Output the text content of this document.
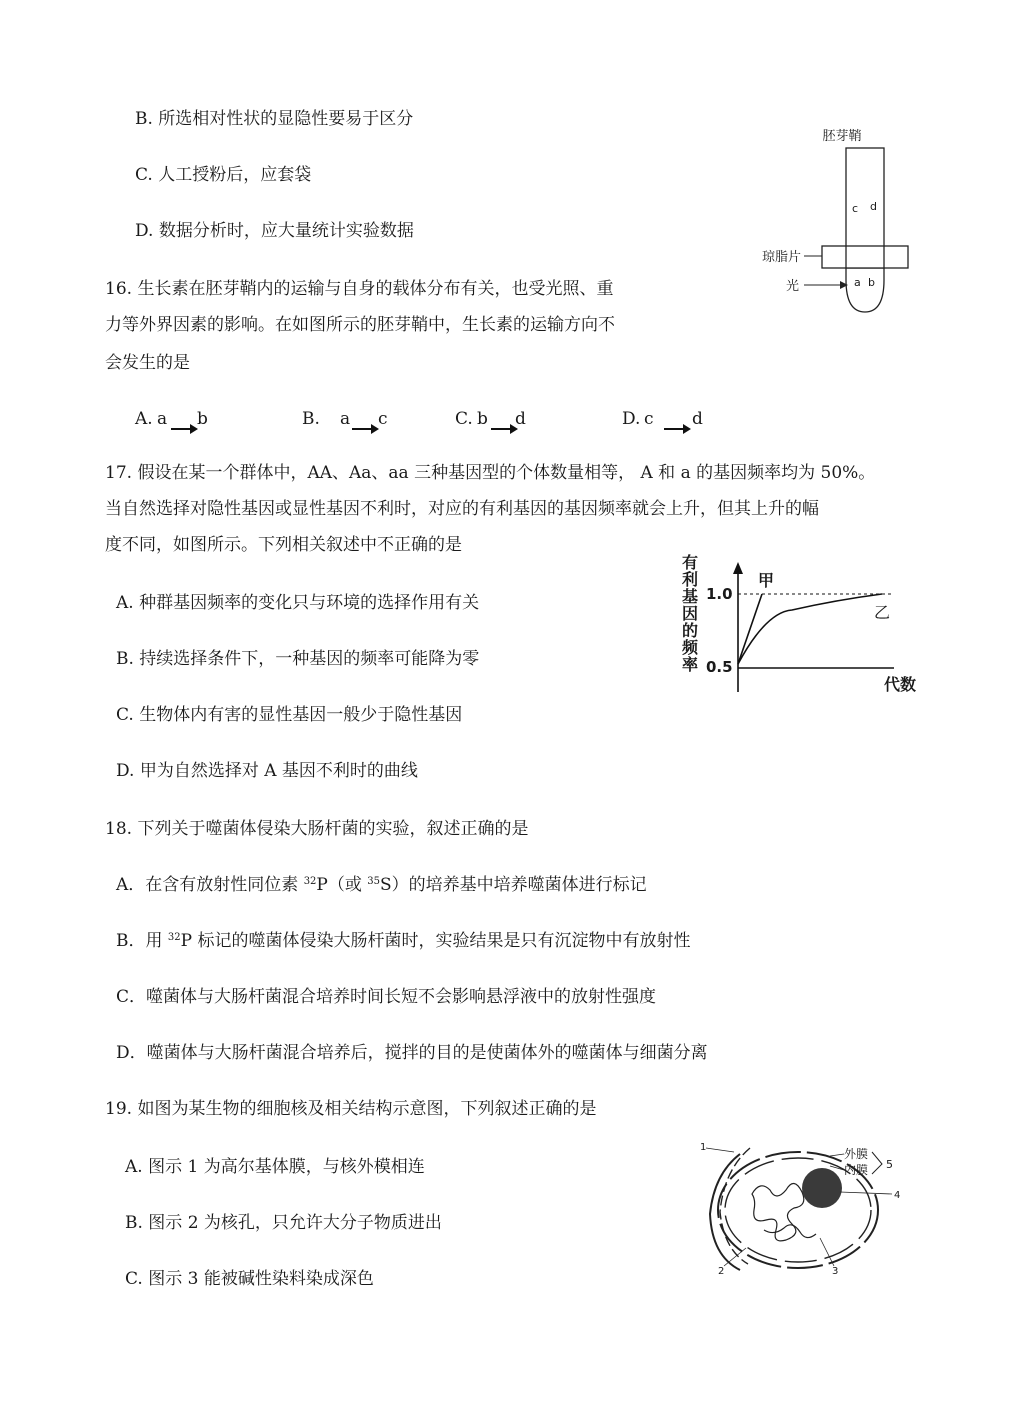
B. 所选相对性状的显隐性要易于区分
C. 人工授粉后，应套袋
D. 数据分析时，应大量统计实验数据
16. 生长素在胚芽鞘内的运输与自身的载体分布有关，也受光照、重
力等外界因素的影响。在如图所示的胚芽鞘中，生长素的运输方向不
会发生的是
A. a b	B. a c	C. b d	D. c d
胚芽鞘
琼脂片
光
c d
a b
17. 假设在某一个群体中，AA、Aa、aa 三种基因型的个体数量相等， A 和 a 的基因频率均为 50%。
当自然选择对隐性基因或显性基因不利时，对应的有利基因的基因频率就会上升，但其上升的幅
度不同，如图所示。下列相关叙述中不正确的是
A. 种群基因频率的变化只与环境的选择作用有关
B. 持续选择条件下，一种基因的频率可能降为零
C. 生物体内有害的显性基因一般少于隐性基因
D. 甲为自然选择对 A 基因不利时的曲线
有利基因的频率
1.0
0.5
甲
乙
代数
18. 下列关于噬菌体侵染大肠杆菌的实验，叙述正确的是
A．在含有放射性同位素 $^{32}$P（或 $^{35}$S）的培养基中培养噬菌体进行标记
B．用 $^{32}$P 标记的噬菌体侵染大肠杆菌时，实验结果是只有沉淀物中有放射性
C．噬菌体与大肠杆菌混合培养时间长短不会影响悬浮液中的放射性强度
D．噬菌体与大肠杆菌混合培养后，搅拌的目的是使菌体外的噬菌体与细菌分离
19. 如图为某生物的细胞核及相关结构示意图，下列叙述正确的是
A. 图示 1 为高尔基体膜，与核外模相连
B. 图示 2 为核孔，只允许大分子物质进出
C. 图示 3 能被碱性染料染成深色
1
2	3
4
外膜
内膜 5
